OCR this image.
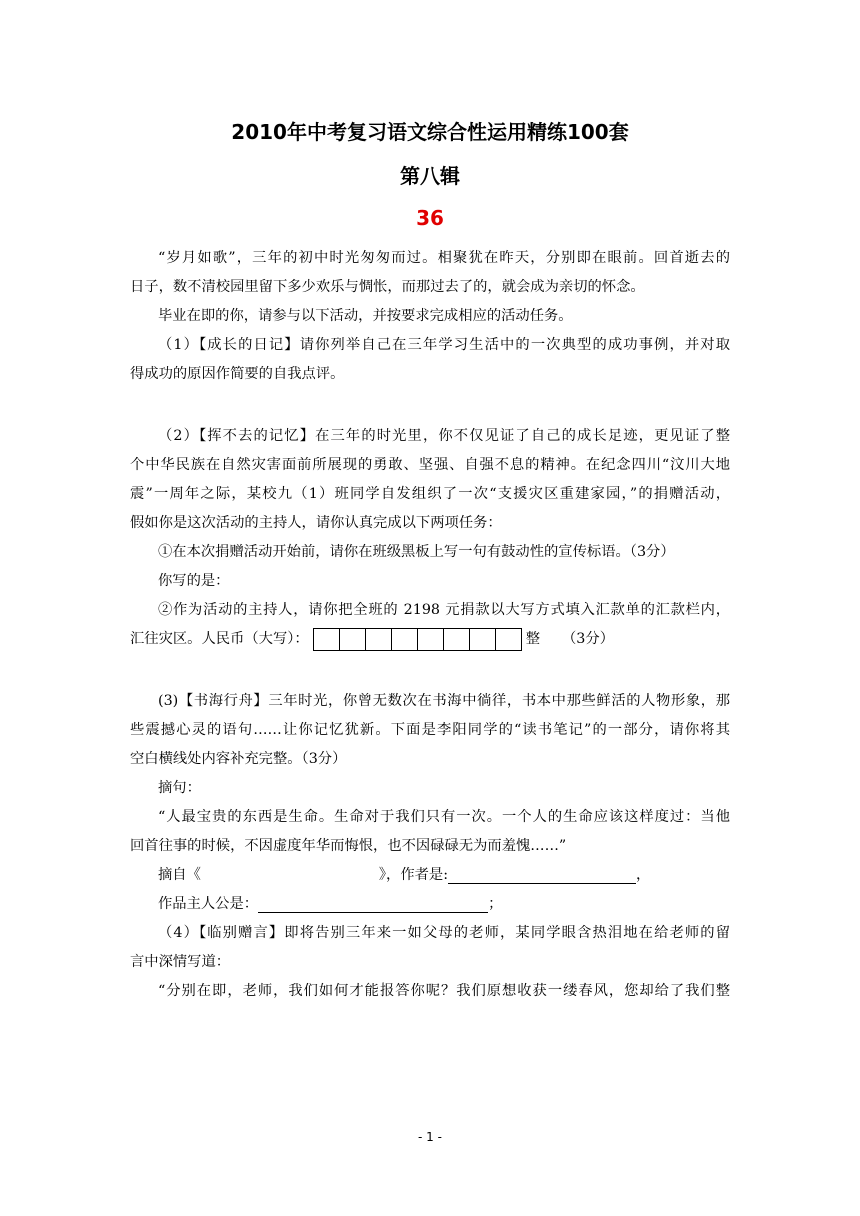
2010年中考复习语文综合性运用精练100套
第八辑
36
“岁月如歌”，三年的初中时光匆匆而过。相聚犹在昨天，分别即在眼前。回首逝去的
日子，数不清校园里留下多少欢乐与惆怅，而那过去了的，就会成为亲切的怀念。
毕业在即的你，请参与以下活动，并按要求完成相应的活动任务。
（1）【成长的日记】请你列举自己在三年学习生活中的一次典型的成功事例，并对取
得成功的原因作简要的自我点评。
（2）【挥不去的记忆】在三年的时光里，你不仅见证了自己的成长足迹，更见证了整
个中华民族在自然灾害面前所展现的勇敢、坚强、自强不息的精神。在纪念四川“汶川大地
震”一周年之际，某校九（1）班同学自发组织了一次“支援灾区重建家园，”的捐赠活动，
假如你是这次活动的主持人，请你认真完成以下两项任务：
①在本次捐赠活动开始前，请你在班级黑板上写一句有鼓动性的宣传标语。（3分）
你写的是：
②作为活动的主持人，请你把全班的 2198 元捐款以大写方式填入汇款单的汇款栏内，
汇往灾区。人民币（大写）：	整 （3分）
(3)【书海行舟】三年时光，你曾无数次在书海中徜徉，书本中那些鲜活的人物形象，那
些震撼心灵的语句……让你记忆犹新。下面是李阳同学的“读书笔记”的一部分，请你将其
空白横线处内容补充完整。（3分）
摘句：
“人最宝贵的东西是生命。生命对于我们只有一次。一个人的生命应该这样度过：当他
回首往事的时候，不因虚度年华而悔恨，也不因碌碌无为而羞愧……”
摘自《	》，作者是:	，
作品主人公是：	；
（4）【临别赠言】即将告别三年来一如父母的老师，某同学眼含热泪地在给老师的留
言中深情写道：
“分别在即，老师，我们如何才能报答你呢？我们原想收获一缕春风，您却给了我们整
- 1 -
